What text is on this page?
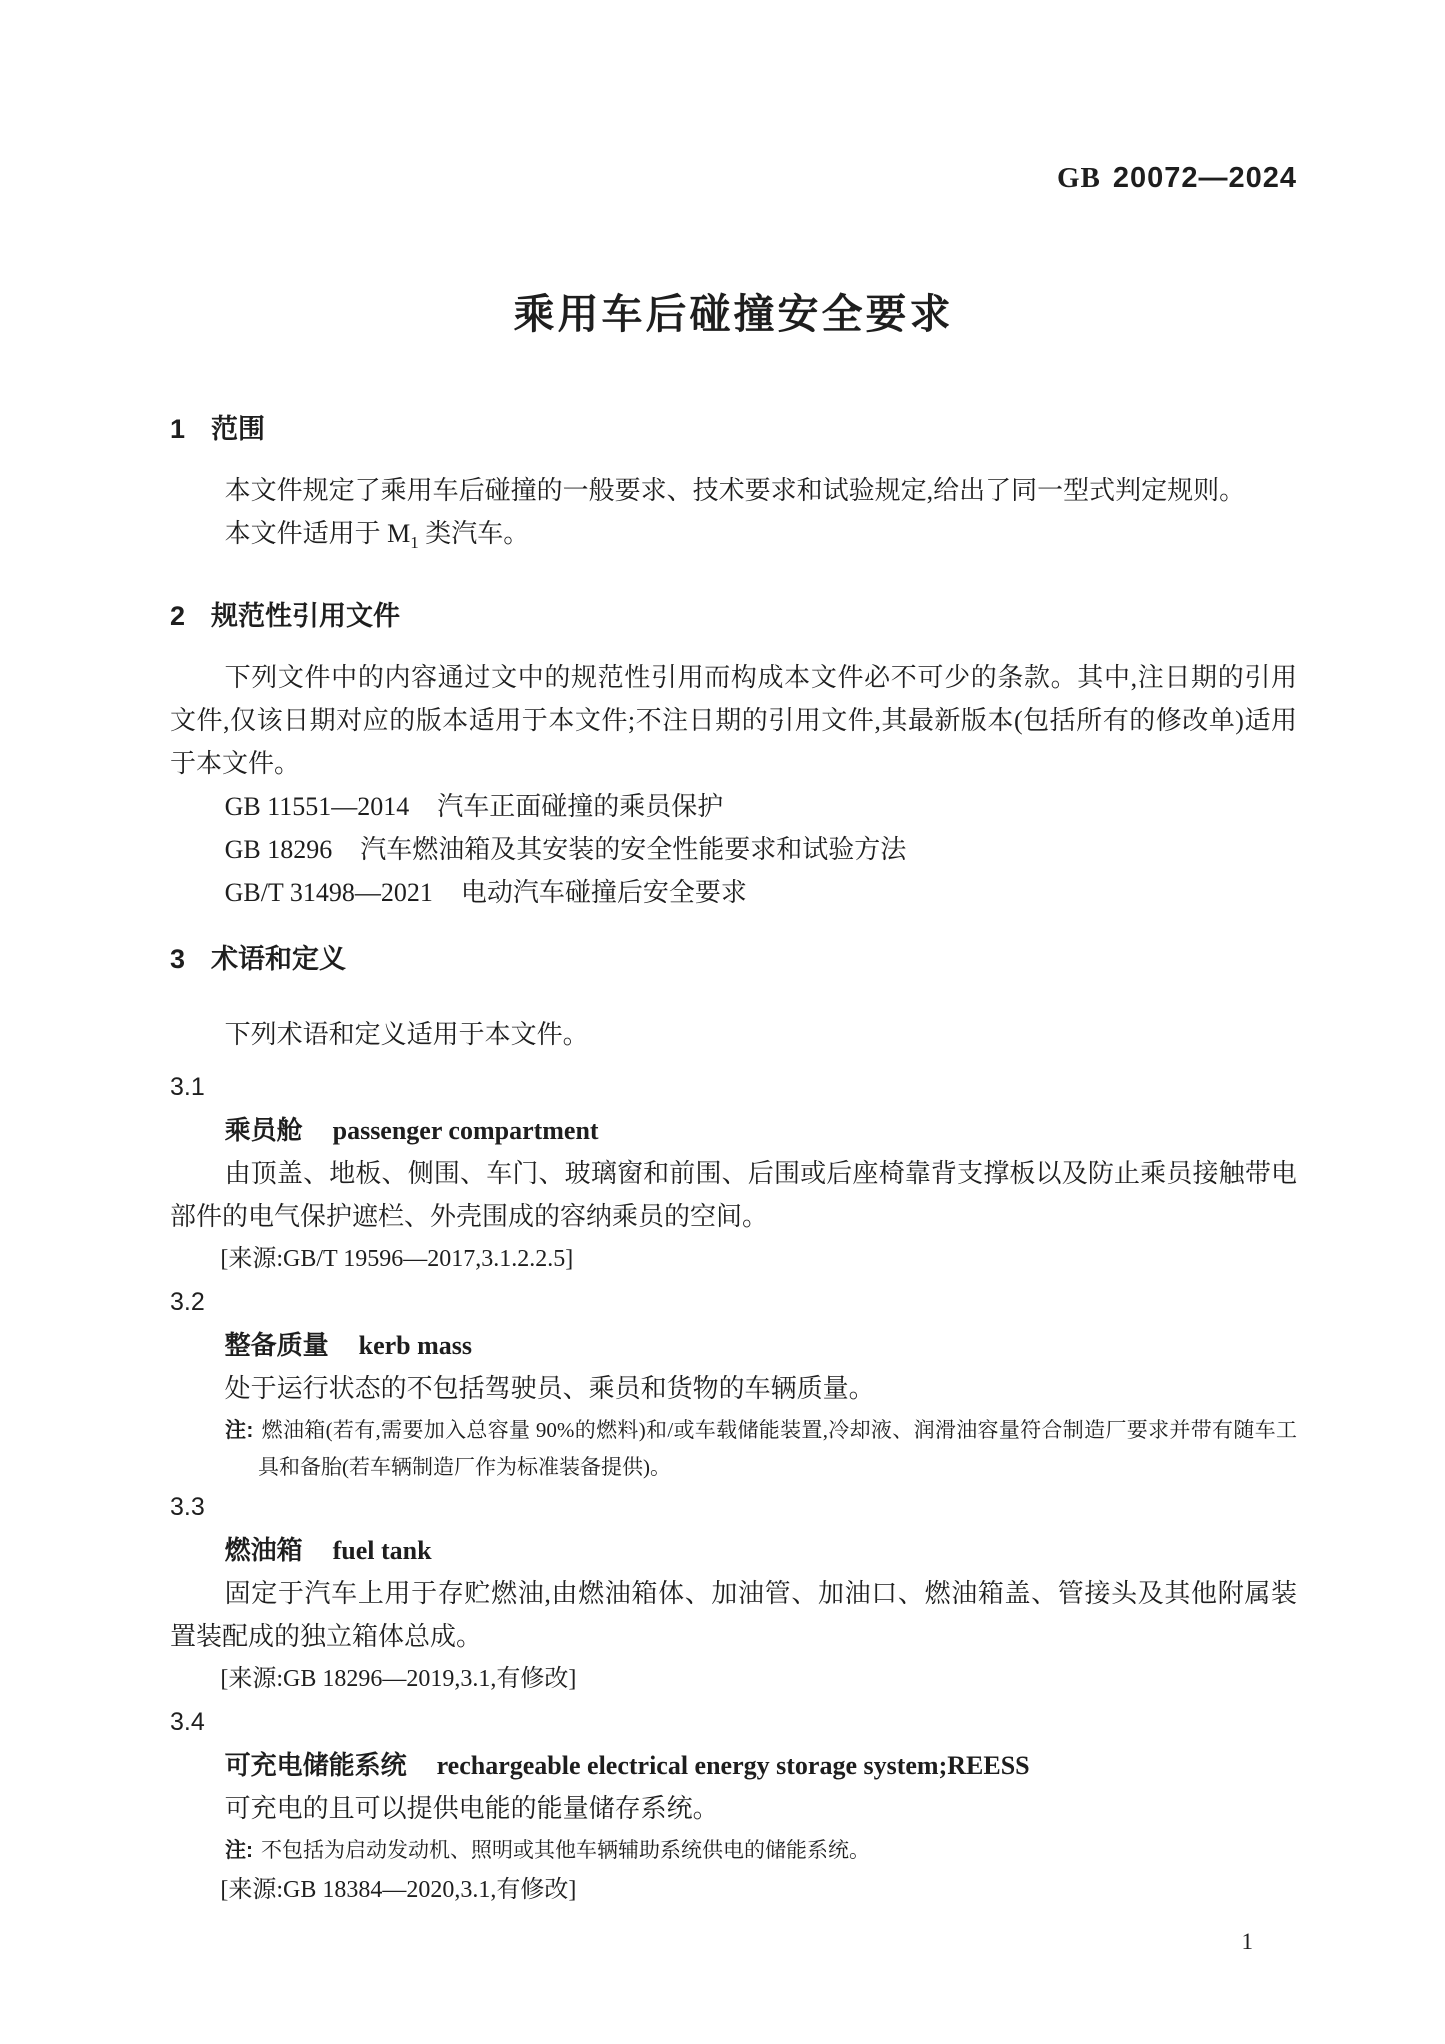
GB 20072—2024
乘用车后碰撞安全要求
1 范围

本文件规定了乘用车后碰撞的一般要求、技术要求和试验规定,给出了同一型式判定规则。

本文件适用于 $M_1$ 类汽车。

2 规范性引用文件

下列文件中的内容通过文中的规范性引用而构成本文件必不可少的条款。其中,注日期的引用文件,仅该日期对应的版本适用于本文件;不注日期的引用文件,其最新版本(包括所有的修改单)适用于本文件。

GB 11551—2014 汽车正面碰撞的乘员保护

GB 18296 汽车燃油箱及其安装的安全性能要求和试验方法

GB/T 31498—2021 电动汽车碰撞后安全要求

3 术语和定义

下列术语和定义适用于本文件。

3.1

乘员舱 passenger compartment

由顶盖、地板、侧围、车门、玻璃窗和前围、后围或后座椅靠背支撑板以及防止乘员接触带电部件的电气保护遮栏、外壳围成的容纳乘员的空间。

[来源:GB/T 19596—2017,3.1.2.2.5]

3.2

整备质量 kerb mass

处于运行状态的不包括驾驶员、乘员和货物的车辆质量。

注: 燃油箱(若有,需要加入总容量 90%的燃料)和/或车载储能装置,冷却液、润滑油容量符合制造厂要求并带有随车工具和备胎(若车辆制造厂作为标准装备提供)。

3.3

燃油箱 fuel tank

固定于汽车上用于存贮燃油,由燃油箱体、加油管、加油口、燃油箱盖、管接头及其他附属装置装配成的独立箱体总成。

[来源:GB 18296—2019,3.1,有修改]

3.4

可充电储能系统 rechargeable electrical energy storage system;REESS

可充电的且可以提供电能的能量储存系统。

注: 不包括为启动发动机、照明或其他车辆辅助系统供电的储能系统。

[来源:GB 18384—2020,3.1,有修改]

1
